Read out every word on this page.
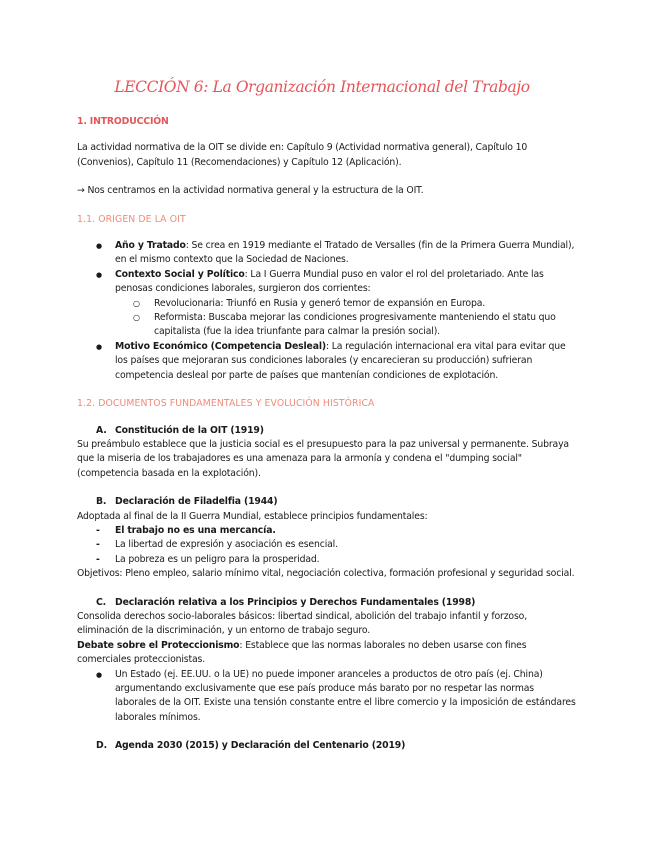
LECCIÓN 6: La Organización Internacional del Trabajo
1. INTRODUCCIÓN

La actividad normativa de la OIT se divide en: Capítulo 9 (Actividad normativa general), Capítulo 10 (Convenios), Capítulo 11 (Recomendaciones) y Capítulo 12 (Aplicación).

→ Nos centramos en la actividad normativa general y la estructura de la OIT.

1.1. ORIGEN DE LA OIT
● Año y Tratado: Se crea en 1919 mediante el Tratado de Versalles (fin de la Primera Guerra Mundial), en el mismo contexto que la Sociedad de Naciones.
● Contexto Social y Político: La I Guerra Mundial puso en valor el rol del proletariado. Ante las penosas condiciones laborales, surgieron dos corrientes:
○ Revolucionaria: Triunfó en Rusia y generó temor de expansión en Europa.
○ Reformista: Buscaba mejorar las condiciones progresivamente manteniendo el statu quo capitalista (fue la idea triunfante para calmar la presión social).
● Motivo Económico (Competencia Desleal): La regulación internacional era vital para evitar que los países que mejoraran sus condiciones laborales (y encarecieran su producción) sufrieran competencia desleal por parte de países que mantenían condiciones de explotación.
1.2. DOCUMENTOS FUNDAMENTALES Y EVOLUCIÓN HISTÓRICA
A. Constitución de la OIT (1919)

Su preámbulo establece que la justicia social es el presupuesto para la paz universal y permanente. Subraya que la miseria de los trabajadores es una amenaza para la armonía y condena el "dumping social" (competencia basada en la explotación).

B. Declaración de Filadelfia (1944)

Adoptada al final de la II Guerra Mundial, establece principios fundamentales:

- El trabajo no es una mercancía.
- La libertad de expresión y asociación es esencial.
- La pobreza es un peligro para la prosperidad.

Objetivos: Pleno empleo, salario mínimo vital, negociación colectiva, formación profesional y seguridad social.

C. Declaración relativa a los Principios y Derechos Fundamentales (1998)

Consolida derechos socio-laborales básicos: libertad sindical, abolición del trabajo infantil y forzoso, eliminación de la discriminación, y un entorno de trabajo seguro.

Debate sobre el Proteccionismo: Establece que las normas laborales no deben usarse con fines comerciales proteccionistas.

● Un Estado (ej. EE.UU. o la UE) no puede imponer aranceles a productos de otro país (ej. China) argumentando exclusivamente que ese país produce más barato por no respetar las normas laborales de la OIT. Existe una tensión constante entre el libre comercio y la imposición de estándares laborales mínimos.
D. Agenda 2030 (2015) y Declaración del Centenario (2019)
